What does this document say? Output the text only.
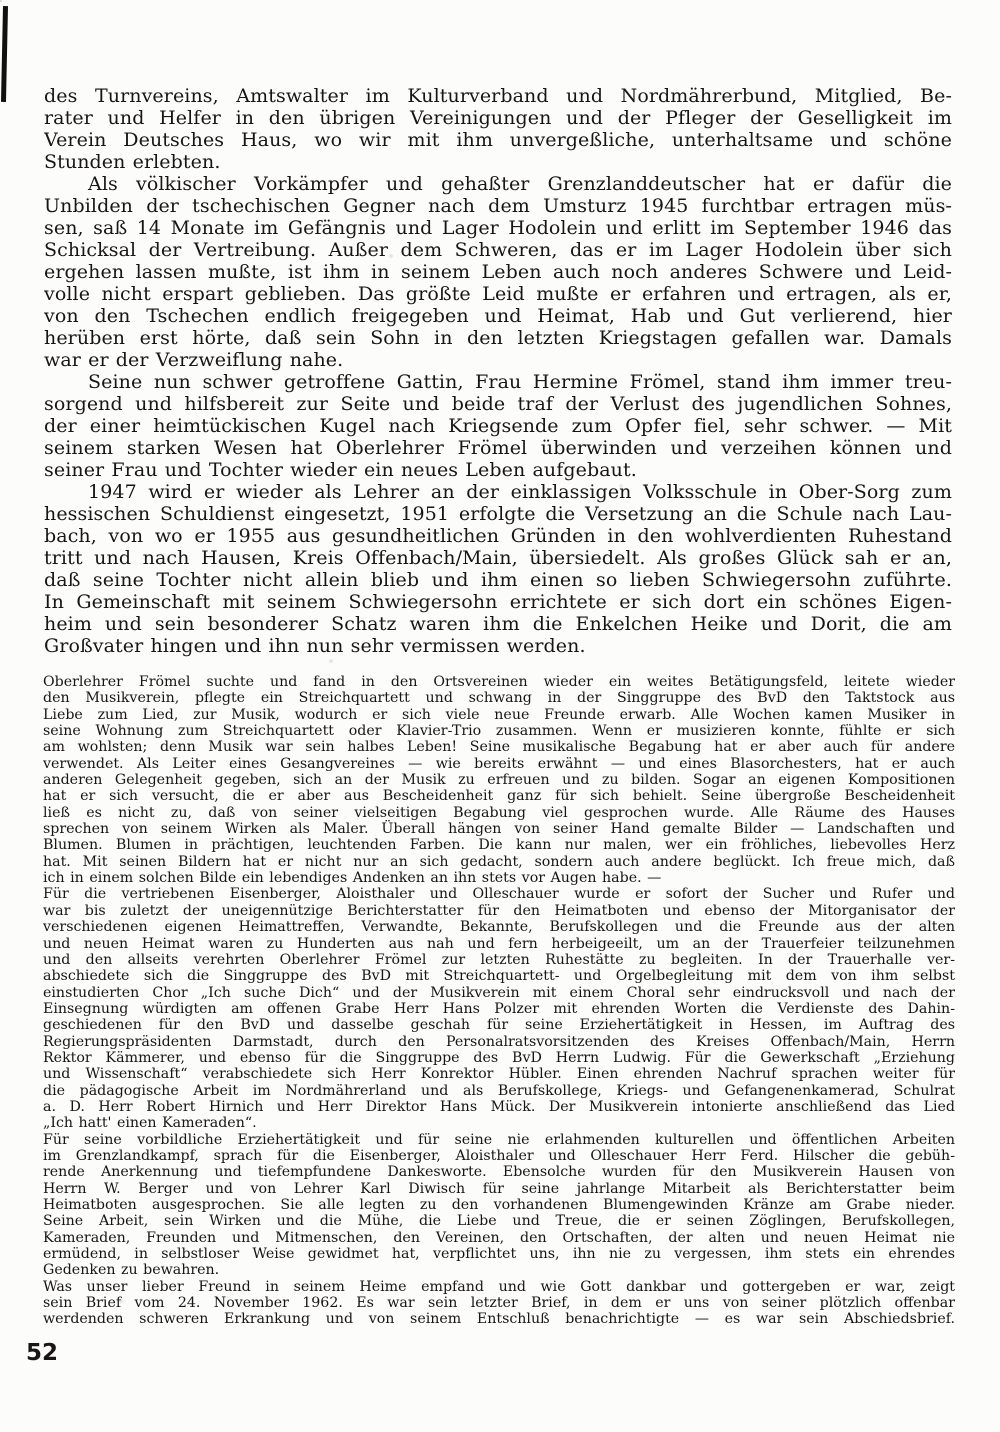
des Turnvereins, Amtswalter im Kulturverband und Nordmährerbund, Mitglied, Be-
rater und Helfer in den übrigen Vereinigungen und der Pfleger der Geselligkeit im
Verein Deutsches Haus, wo wir mit ihm unvergeßliche, unterhaltsame und schöne
Stunden erlebten.
Als völkischer Vorkämpfer und gehaßter Grenzlanddeutscher hat er dafür die
Unbilden der tschechischen Gegner nach dem Umsturz 1945 furchtbar ertragen müs-
sen, saß 14 Monate im Gefängnis und Lager Hodolein und erlitt im September 1946 das
Schicksal der Vertreibung. Außer dem Schweren, das er im Lager Hodolein über sich
ergehen lassen mußte, ist ihm in seinem Leben auch noch anderes Schwere und Leid-
volle nicht erspart geblieben. Das größte Leid mußte er erfahren und ertragen, als er,
von den Tschechen endlich freigegeben und Heimat, Hab und Gut verlierend, hier
herüben erst hörte, daß sein Sohn in den letzten Kriegstagen gefallen war. Damals
war er der Verzweiflung nahe.
Seine nun schwer getroffene Gattin, Frau Hermine Frömel, stand ihm immer treu-
sorgend und hilfsbereit zur Seite und beide traf der Verlust des jugendlichen Sohnes,
der einer heimtückischen Kugel nach Kriegsende zum Opfer fiel, sehr schwer. — Mit
seinem starken Wesen hat Oberlehrer Frömel überwinden und verzeihen können und
seiner Frau und Tochter wieder ein neues Leben aufgebaut.
1947 wird er wieder als Lehrer an der einklassigen Volksschule in Ober-Sorg zum
hessischen Schuldienst eingesetzt, 1951 erfolgte die Versetzung an die Schule nach Lau-
bach, von wo er 1955 aus gesundheitlichen Gründen in den wohlverdienten Ruhestand
tritt und nach Hausen, Kreis Offenbach/Main, übersiedelt. Als großes Glück sah er an,
daß seine Tochter nicht allein blieb und ihm einen so lieben Schwiegersohn zuführte.
In Gemeinschaft mit seinem Schwiegersohn errichtete er sich dort ein schönes Eigen-
heim und sein besonderer Schatz waren ihm die Enkelchen Heike und Dorit, die am
Großvater hingen und ihn nun sehr vermissen werden.
Oberlehrer Frömel suchte und fand in den Ortsvereinen wieder ein weites Betätigungsfeld, leitete wieder
den Musikverein, pflegte ein Streichquartett und schwang in der Singgruppe des BvD den Taktstock aus
Liebe zum Lied, zur Musik, wodurch er sich viele neue Freunde erwarb. Alle Wochen kamen Musiker in
seine Wohnung zum Streichquartett oder Klavier-Trio zusammen. Wenn er musizieren konnte, fühlte er sich
am wohlsten; denn Musik war sein halbes Leben! Seine musikalische Begabung hat er aber auch für andere
verwendet. Als Leiter eines Gesangvereines — wie bereits erwähnt — und eines Blasorchesters, hat er auch
anderen Gelegenheit gegeben, sich an der Musik zu erfreuen und zu bilden. Sogar an eigenen Kompositionen
hat er sich versucht, die er aber aus Bescheidenheit ganz für sich behielt. Seine übergroße Bescheidenheit
ließ es nicht zu, daß von seiner vielseitigen Begabung viel gesprochen wurde. Alle Räume des Hauses
sprechen von seinem Wirken als Maler. Überall hängen von seiner Hand gemalte Bilder — Landschaften und
Blumen. Blumen in prächtigen, leuchtenden Farben. Die kann nur malen, wer ein fröhliches, liebevolles Herz
hat. Mit seinen Bildern hat er nicht nur an sich gedacht, sondern auch andere beglückt. Ich freue mich, daß
ich in einem solchen Bilde ein lebendiges Andenken an ihn stets vor Augen habe. —
Für die vertriebenen Eisenberger, Aloisthaler und Olleschauer wurde er sofort der Sucher und Rufer und
war bis zuletzt der uneigennützige Berichterstatter für den Heimatboten und ebenso der Mitorganisator der
verschiedenen eigenen Heimattreffen, Verwandte, Bekannte, Berufskollegen und die Freunde aus der alten
und neuen Heimat waren zu Hunderten aus nah und fern herbeigeeilt, um an der Trauerfeier teilzunehmen
und den allseits verehrten Oberlehrer Frömel zur letzten Ruhestätte zu begleiten. In der Trauerhalle ver-
abschiedete sich die Singgruppe des BvD mit Streichquartett- und Orgelbegleitung mit dem von ihm selbst
einstudierten Chor „Ich suche Dich“ und der Musikverein mit einem Choral sehr eindrucksvoll und nach der
Einsegnung würdigten am offenen Grabe Herr Hans Polzer mit ehrenden Worten die Verdienste des Dahin-
geschiedenen für den BvD und dasselbe geschah für seine Erziehertätigkeit in Hessen, im Auftrag des
Regierungspräsidenten Darmstadt, durch den Personalratsvorsitzenden des Kreises Offenbach/Main, Herrn
Rektor Kämmerer, und ebenso für die Singgruppe des BvD Herrn Ludwig. Für die Gewerkschaft „Erziehung
und Wissenschaft“ verabschiedete sich Herr Konrektor Hübler. Einen ehrenden Nachruf sprachen weiter für
die pädagogische Arbeit im Nordmährerland und als Berufskollege, Kriegs- und Gefangenenkamerad, Schulrat
a. D. Herr Robert Hirnich und Herr Direktor Hans Mück. Der Musikverein intonierte anschließend das Lied
„Ich hatt' einen Kameraden“.
Für seine vorbildliche Erziehertätigkeit und für seine nie erlahmenden kulturellen und öffentlichen Arbeiten
im Grenzlandkampf, sprach für die Eisenberger, Aloisthaler und Olleschauer Herr Ferd. Hilscher die gebüh-
rende Anerkennung und tiefempfundene Dankesworte. Ebensolche wurden für den Musikverein Hausen von
Herrn W. Berger und von Lehrer Karl Diwisch für seine jahrlange Mitarbeit als Berichterstatter beim
Heimatboten ausgesprochen. Sie alle legten zu den vorhandenen Blumengewinden Kränze am Grabe nieder.
Seine Arbeit, sein Wirken und die Mühe, die Liebe und Treue, die er seinen Zöglingen, Berufskollegen,
Kameraden, Freunden und Mitmenschen, den Vereinen, den Ortschaften, der alten und neuen Heimat nie
ermüdend, in selbstloser Weise gewidmet hat, verpflichtet uns, ihn nie zu vergessen, ihm stets ein ehrendes
Gedenken zu bewahren.
Was unser lieber Freund in seinem Heime empfand und wie Gott dankbar und gottergeben er war, zeigt
sein Brief vom 24. November 1962. Es war sein letzter Brief, in dem er uns von seiner plötzlich offenbar
werdenden schweren Erkrankung und von seinem Entschluß benachrichtigte — es war sein Abschiedsbrief.
52
